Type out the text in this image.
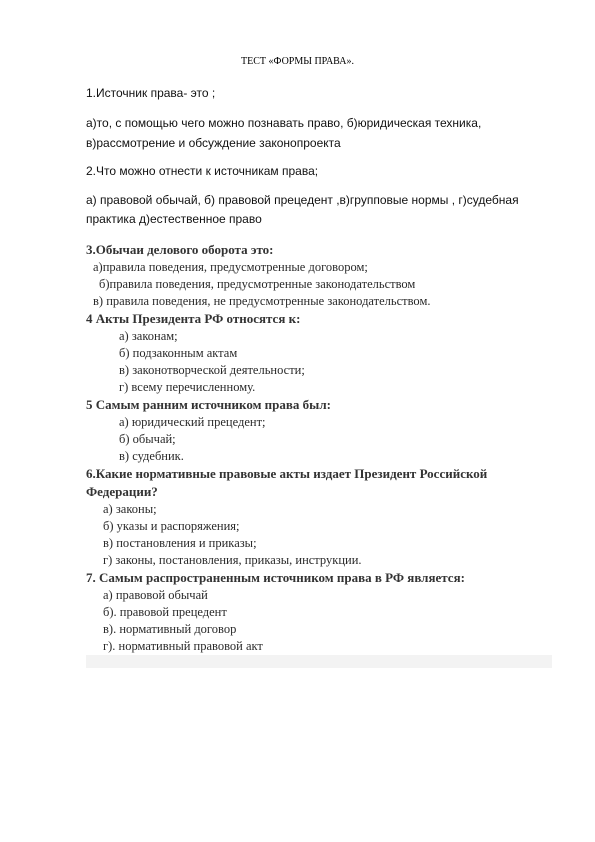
ТЕСТ «ФОРМЫ ПРАВА».
1.Источник права- это ;
а)то, с помощью чего можно познавать право, б)юридическая техника,
в)рассмотрение и обсуждение законопроекта
2.Что можно отнести к источникам права;
а) правовой обычай, б) правовой прецедент ,в)групповые нормы , г)судебная
практика д)естественное право
3.Обычаи делового оборота это:
а)правила поведения, предусмотренные договором;
б)правила поведения, предусмотренные законодательством
в) правила поведения, не предусмотренные законодательством.
4 Акты Президента РФ относятся к:
а) законам;
б) подзаконным актам
в) законотворческой деятельности;
г) всему перечисленному.
5 Самым ранним источником права был:
а) юридический прецедент;
б) обычай;
в) судебник.
6.Какие нормативные правовые акты издает Президент Российской
Федерации?
а) законы;
б) указы и распоряжения;
в) постановления и приказы;
г) законы, постановления, приказы, инструкции.
7. Самым распространенным источником права в РФ является:
а) правовой обычай
б). правовой прецедент
в). нормативный договор
г). нормативный правовой акт
